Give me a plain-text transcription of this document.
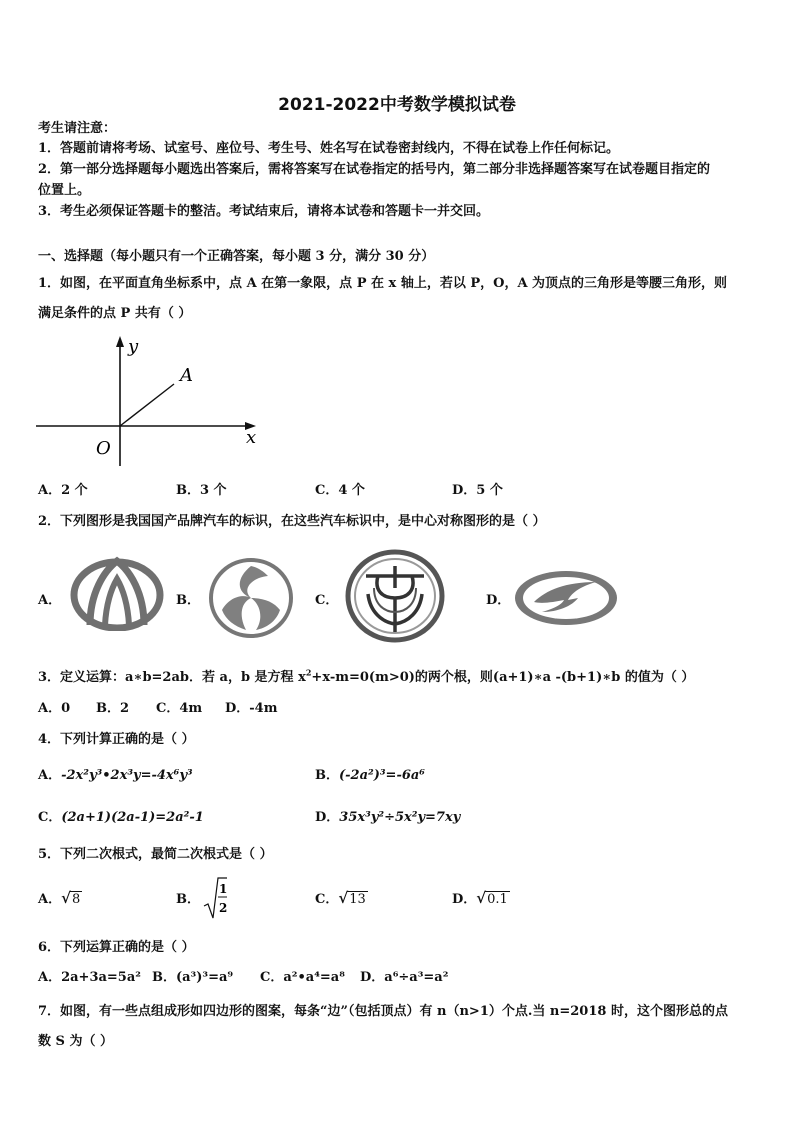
2021-2022中考数学模拟试卷
考生请注意：
1．答题前请将考场、试室号、座位号、考生号、姓名写在试卷密封线内，不得在试卷上作任何标记。
2．第一部分选择题每小题选出答案后，需将答案写在试卷指定的括号内，第二部分非选择题答案写在试卷题目指定的
位置上。
3．考生必须保证答题卡的整洁。考试结束后，请将本试卷和答题卡一并交回。
一、选择题（每小题只有一个正确答案，每小题 3 分，满分 30 分）
1．如图，在平面直角坐标系中，点 A 在第一象限，点 P 在 x 轴上，若以 P，O，A 为顶点的三角形是等腰三角形，则
满足条件的点 P 共有（ ）
y
x
A
O
A．2 个	B．3 个	C．4 个	D．5 个
2．下列图形是我国国产品牌汽车的标识，在这些汽车标识中，是中心对称图形的是（ ）
A．	B．	C．	D．
3．定义运算：a∗b=2ab．若 a，b 是方程 $x^2+x-m=0(m>0)$的两个根，则(a+1)∗a -(b+1)∗b 的值为（ ）
A．0 B．2 C．4m D．-4m
4．下列计算正确的是（ ）
A．-2x²y³•2x³y=-4x⁶y³	B．(-2a²)³=-6a⁶
C．(2a+1)(2a-1)=2a²-1	D．35x³y²÷5x²y=7xy
5．下列二次根式，最简二次根式是（ ）
A．√8	B．
1
2
C．√13	D．√0.1
6．下列运算正确的是（ ）
A．2a+3a=5a² B．(a³)³=a⁹ C．a²•a⁴=a⁸ D．a⁶÷a³=a²
7．如图，有一些点组成形如四边形的图案，每条“边”（包括顶点）有 n（n>1）个点.当 n=2018 时，这个图形总的点
数 S 为（ ）
